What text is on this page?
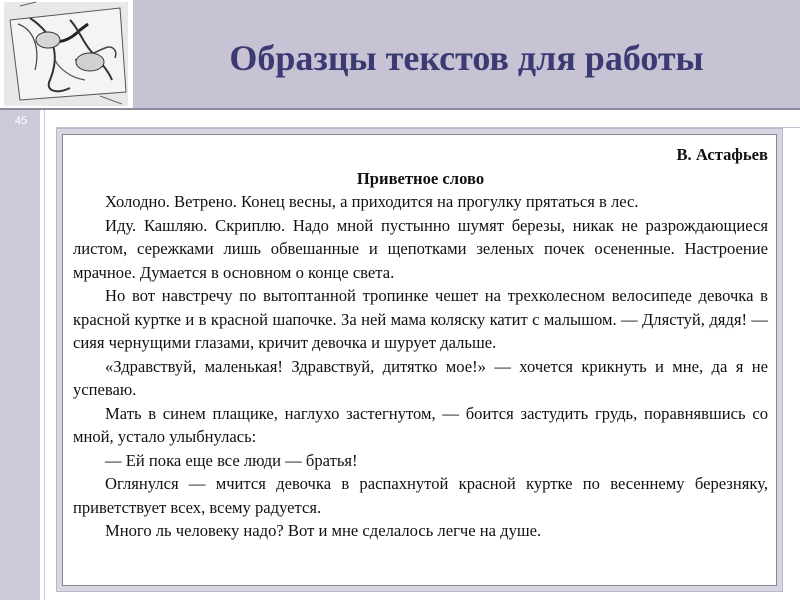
Образцы текстов для работы
45
В. Астафьев
Приветное слово

Холодно. Ветрено. Конец весны, а приходится на прогулку прятаться в лес.

Иду. Кашляю. Скриплю. Надо мной пустынно шумят березы, никак не разрождающиеся листом, сережками лишь обвешанные и щепотками зеленых почек осененные. Настроение мрачное. Думается в основном о конце света.

Но вот навстречу по вытоптанной тропинке чешет на трехколесном велосипеде девочка в красной куртке и в красной шапочке. За ней мама коляску катит с малышом. — Длястуй, дядя! — сияя чернущими глазами, кричит девочка и шурует дальше.

«Здравствуй, маленькая! Здравствуй, дитятко мое!» — хочется крикнуть и мне, да я не успеваю.

Мать в синем плащике, наглухо застегнутом, — боится застудить грудь, поравнявшись со мной, устало улыбнулась:

— Ей пока еще все люди — братья!

Оглянулся — мчится девочка в распахнутой красной куртке по весеннему березняку, приветствует всех, всему радуется.

Много ль человеку надо? Вот и мне сделалось легче на душе.
